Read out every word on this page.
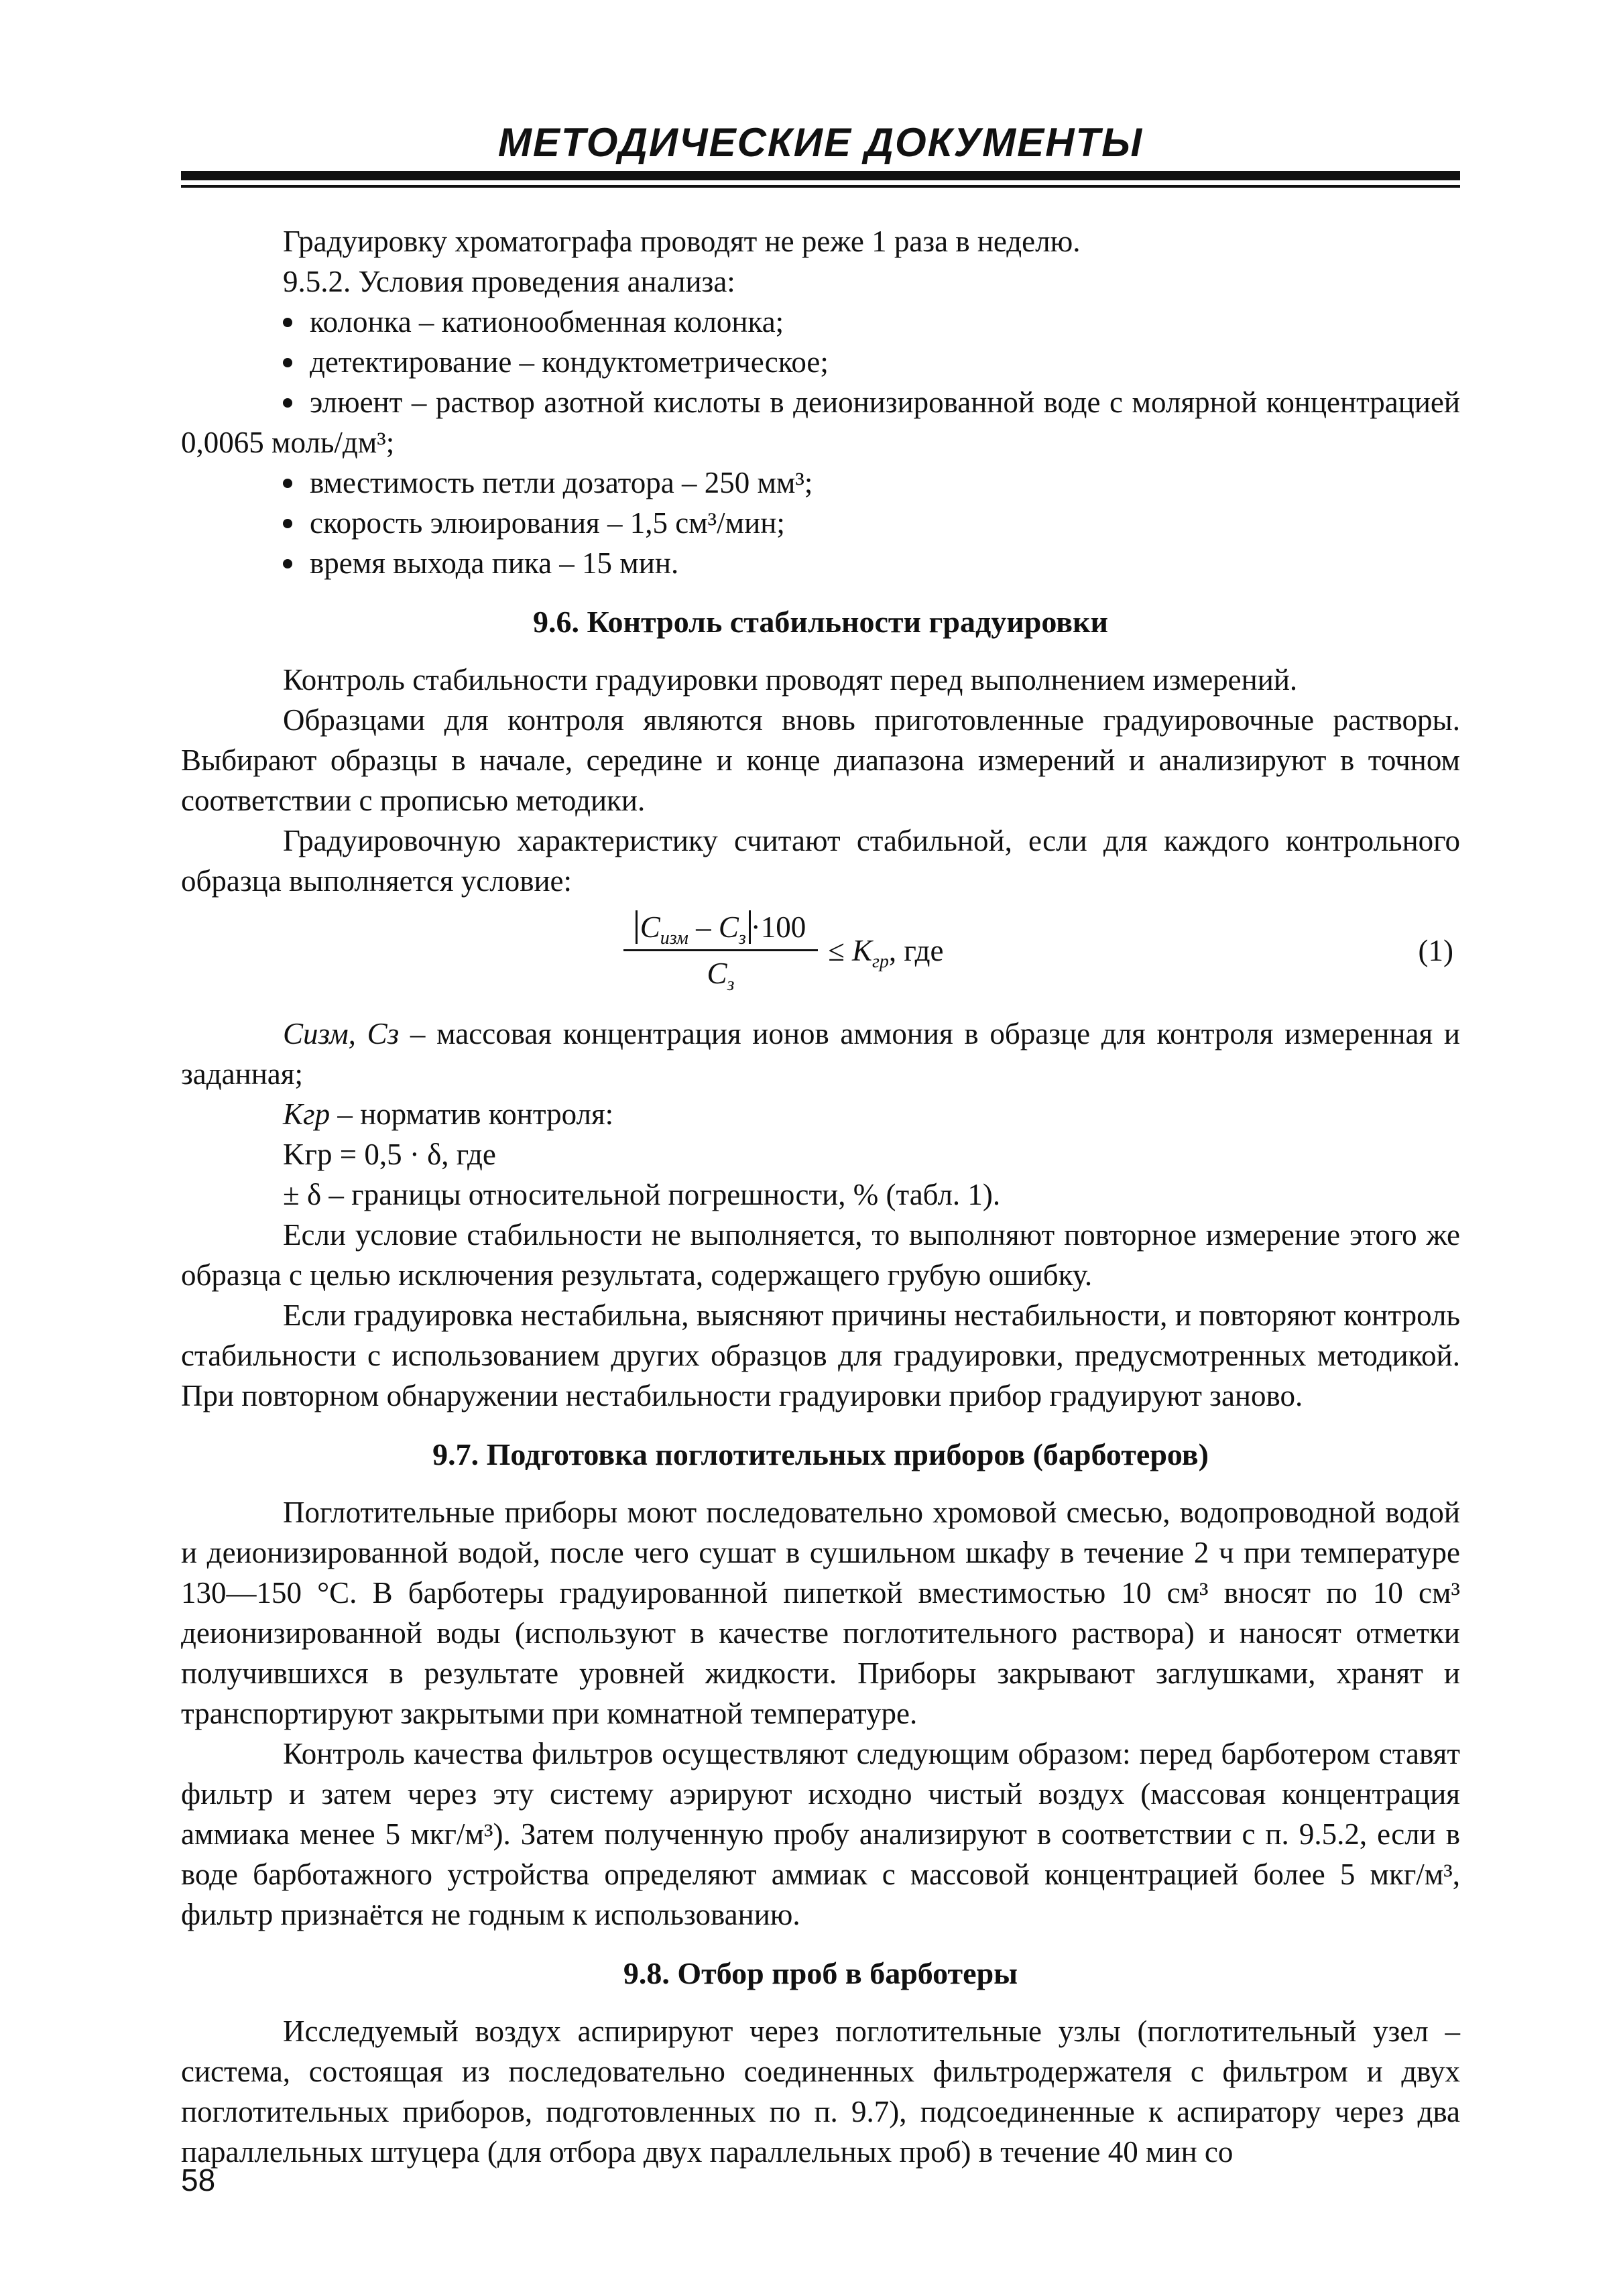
МЕТОДИЧЕСКИЕ ДОКУМЕНТЫ

Градуировку хроматографа проводят не реже 1 раза в неделю.

9.5.2. Условия проведения анализа:

колонка – катионообменная колонка;
детектирование – кондуктометрическое;
элюент – раствор азотной кислоты в деионизированной воде с молярной концентрацией 0,0065 моль/дм³;
вместимость петли дозатора – 250 мм³;
скорость элюирования – 1,5 см³/мин;
время выхода пика – 15 мин.
9.6. Контроль стабильности градуировки

Контроль стабильности градуировки проводят перед выполнением измерений.

Образцами для контроля являются вновь приготовленные градуировочные растворы. Выбирают образцы в начале, середине и конце диапазона измерений и анализируют в точном соответствии с прописью методики.

Градуировочную характеристику считают стабильной, если для каждого контрольного образца выполняется условие:

$C_{изм} - C_з \cdot 100$
$C_з$
≤ $K_{гр}$, где	(1)

Cизм, Cз – массовая концентрация ионов аммония в образце для контроля измеренная и заданная;

Kгр – норматив контроля:

Kгр = 0,5 · δ, где

± δ – границы относительной погрешности, % (табл. 1).

Если условие стабильности не выполняется, то выполняют повторное измерение этого же образца с целью исключения результата, содержащего грубую ошибку.

Если градуировка нестабильна, выясняют причины нестабильности, и повторяют контроль стабильности с использованием других образцов для градуировки, предусмотренных методикой. При повторном обнаружении нестабильности градуировки прибор градуируют заново.

9.7. Подготовка поглотительных приборов (барботеров)

Поглотительные приборы моют последовательно хромовой смесью, водопроводной водой и деионизированной водой, после чего сушат в сушильном шкафу в течение 2 ч при температуре 130—150 °С. В барботеры градуированной пипеткой вместимостью 10 см³ вносят по 10 см³ деионизированной воды (используют в качестве поглотительного раствора) и наносят отметки получившихся в результате уровней жидкости. Приборы закрывают заглушками, хранят и транспортируют закрытыми при комнатной температуре.

Контроль качества фильтров осуществляют следующим образом: перед барботером ставят фильтр и затем через эту систему аэрируют исходно чистый воздух (массовая концентрация аммиака менее 5 мкг/м³). Затем полученную пробу анализируют в соответствии с п. 9.5.2, если в воде барботажного устройства определяют аммиак с массовой концентрацией более 5 мкг/м³, фильтр признаётся не годным к использованию.

9.8. Отбор проб в барботеры

Исследуемый воздух аспирируют через поглотительные узлы (поглотительный узел – система, состоящая из последовательно соединенных фильтродержателя с фильтром и двух поглотительных приборов, подготовленных по п. 9.7), подсоединенные к аспиратору через два параллельных штуцера (для отбора двух параллельных проб) в течение 40 мин со

58
